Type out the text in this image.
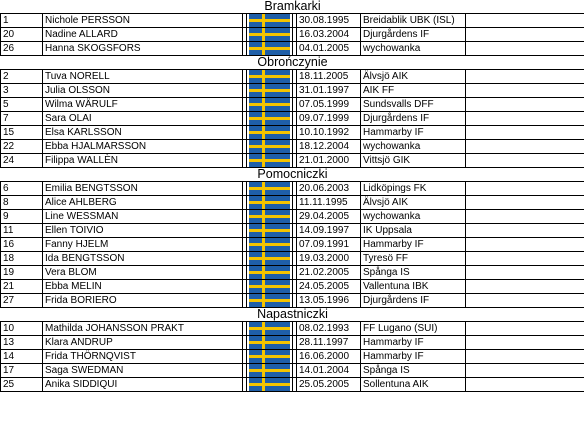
Bramkarki							
1	Nichole PERSSON				30.08.1995	Breidablik UBK (ISL)	
20	Nadine ALLARD				16.03.2004	Djurgårdens IF	
26	Hanna SKOGSFORS				04.01.2005	wychowanka	
Obrończynie							
2	Tuva NORELL				18.11.2005	Älvsjö AIK	
3	Julia OLSSON				31.01.1997	AIK FF	
5	Wilma WÄRULF				07.05.1999	Sundsvalls DFF	
7	Sara OLAI				09.07.1999	Djurgårdens IF	
15	Elsa KARLSSON				10.10.1992	Hammarby IF	
22	Ebba HJALMARSSON				18.12.2004	wychowanka	
24	Filippa WALLÈN				21.01.2000	Vittsjö GIK	
Pomocniczki							
6	Emilia BENGTSSON				20.06.2003	Lidköpings FK	
8	Alice AHLBERG				11.11.1995	Älvsjö AIK	
9	Line WESSMAN				29.04.2005	wychowanka	
11	Ellen TOIVIO				14.09.1997	IK Uppsala	
16	Fanny HJELM				07.09.1991	Hammarby IF	
18	Ida BENGTSSON				19.03.2000	Tyresö FF	
19	Vera BLOM				21.02.2005	Spånga IS	
21	Ebba MELIN				24.05.2005	Vallentuna IBK	
27	Frida BORIERO				13.05.1996	Djurgårdens IF	
Napastniczki							
10	Mathilda JOHANSSON PRAKT				08.02.1993	FF Lugano (SUI)	
13	Klara ANDRUP				28.11.1997	Hammarby IF	
14	Frida THÖRNQVIST				16.06.2000	Hammarby IF	
17	Saga SWEDMAN				14.01.2004	Spånga IS	
25	Anika SIDDIQUI				25.05.2005	Sollentuna AIK	
